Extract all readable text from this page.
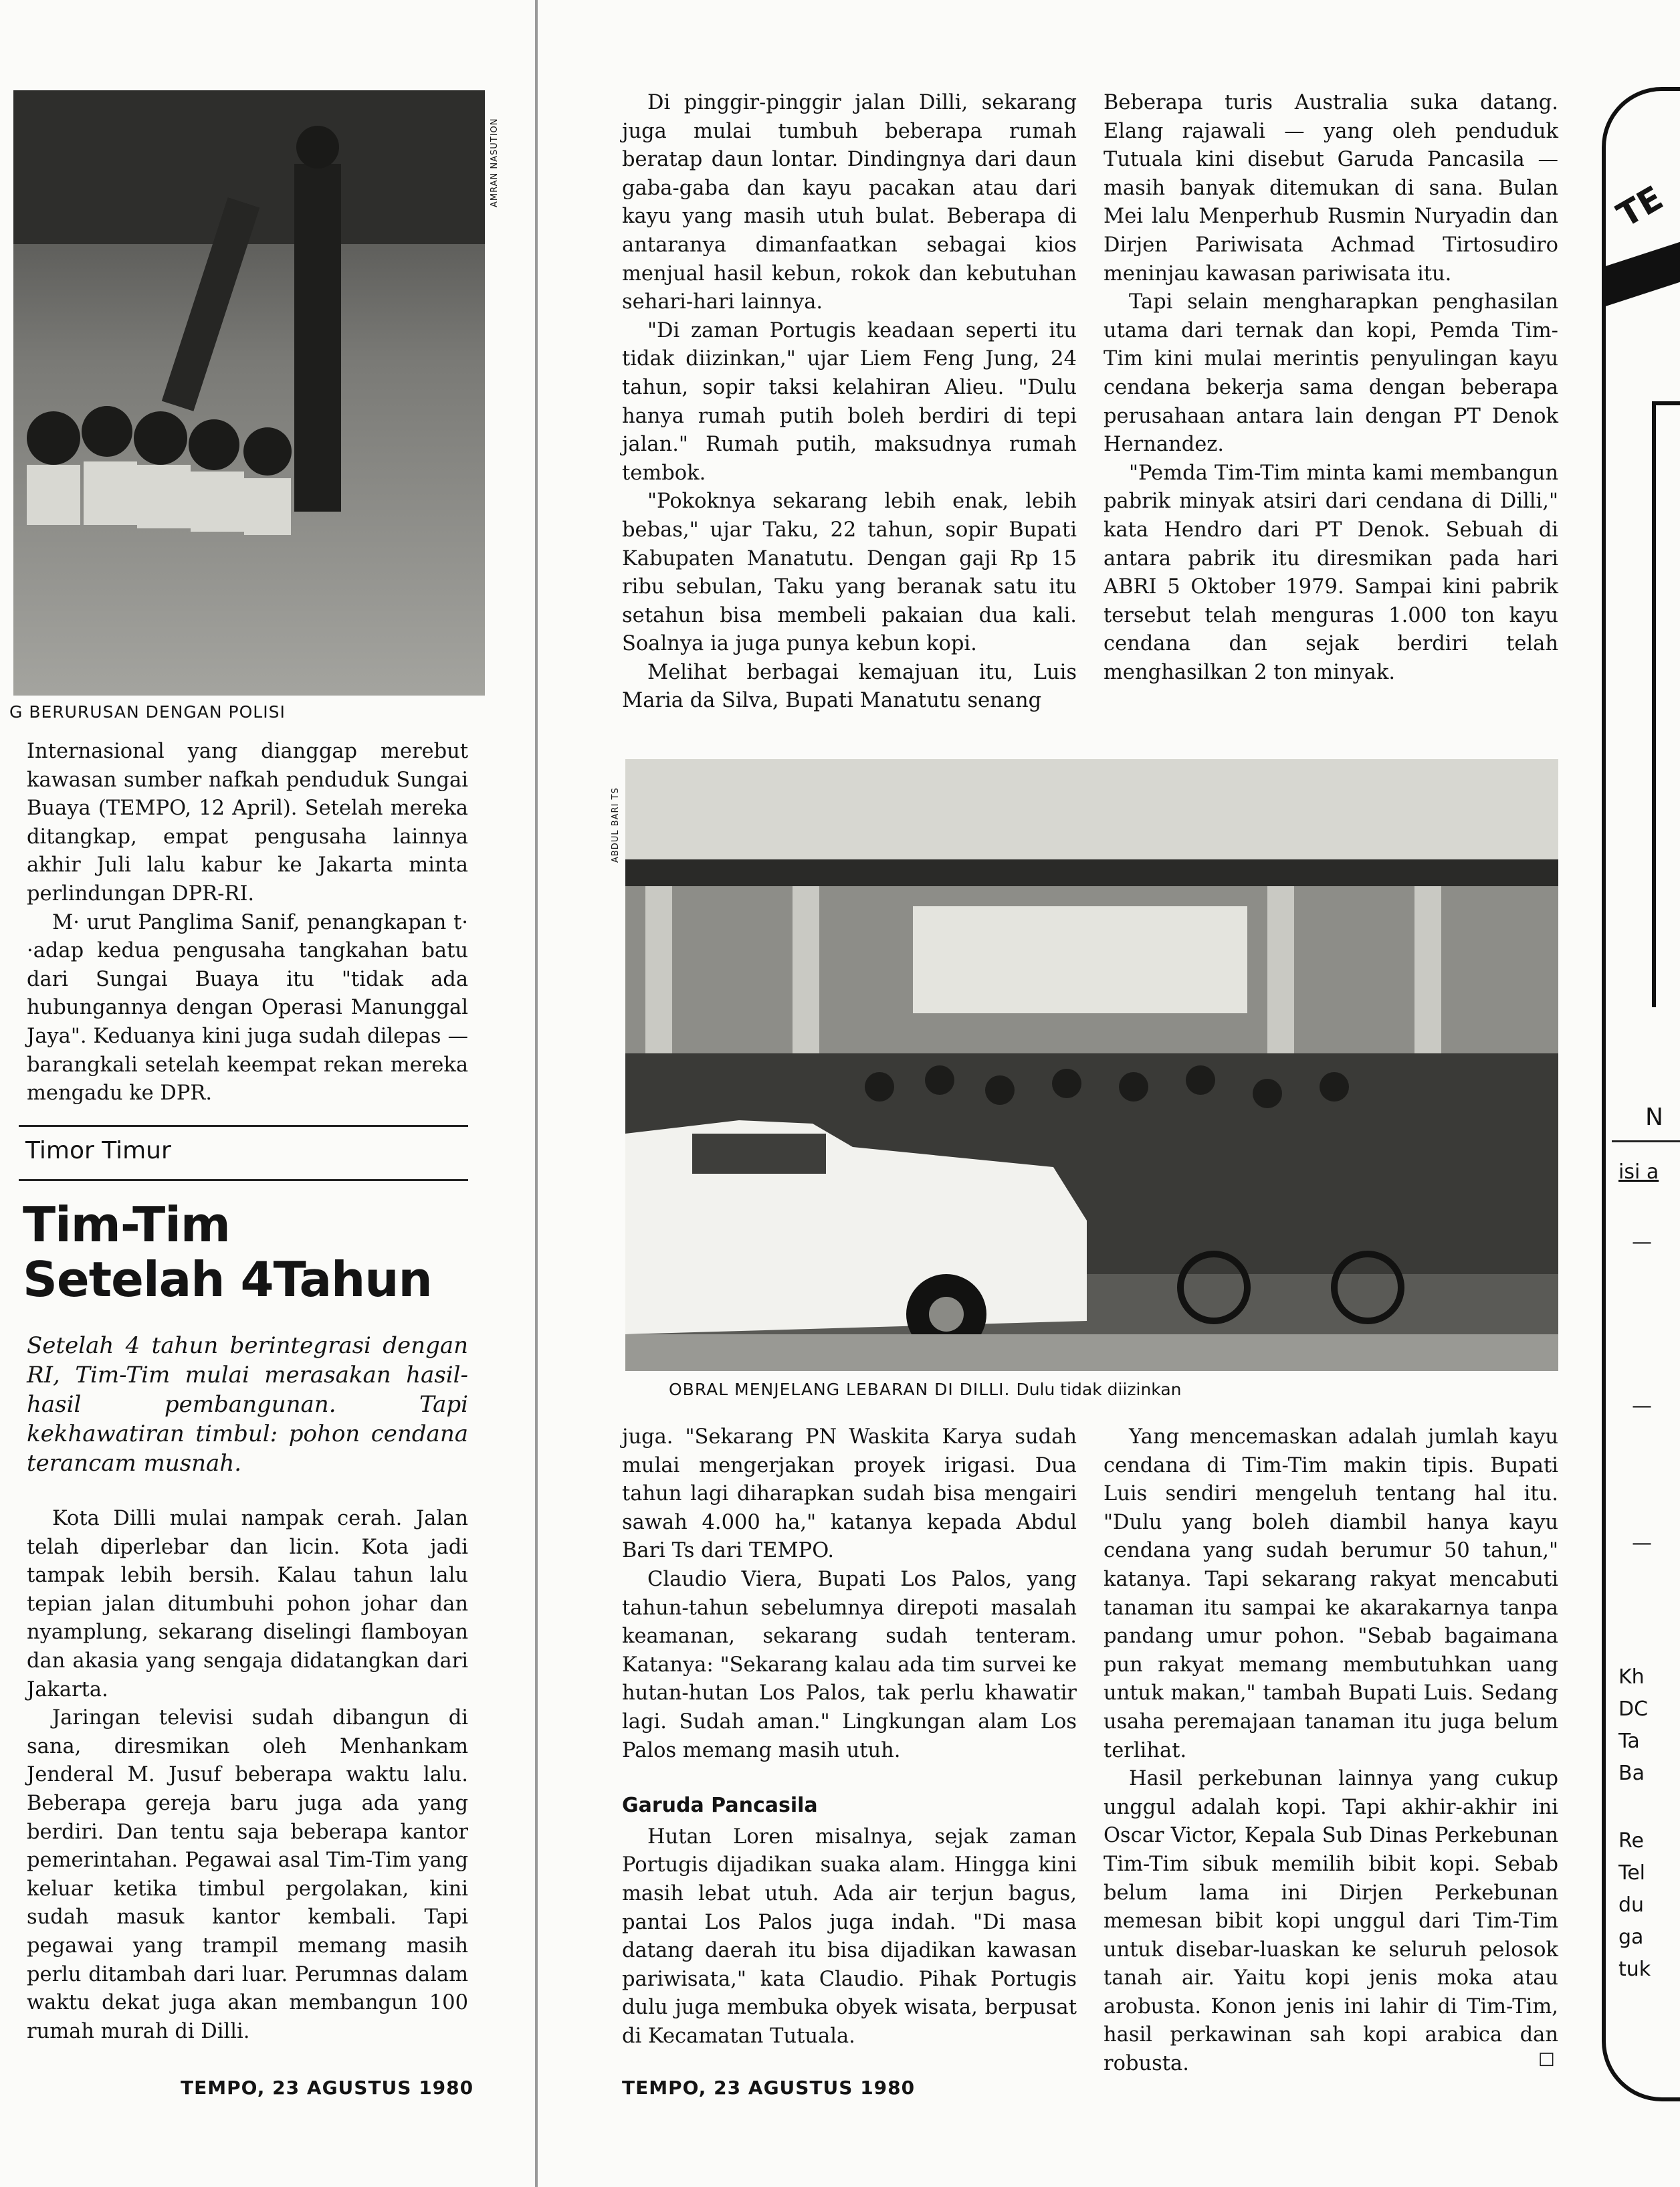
AMRAN NASUTION
G BERURUSAN DENGAN POLISI

Internasional yang dianggap merebut kawasan sumber nafkah penduduk Sungai Buaya (TEMPO, 12 April). Setelah mereka ditangkap, empat pengusaha lainnya akhir Juli lalu kabur ke Jakarta minta perlindungan DPR-RI.

M· urut Panglima Sanif, penangkapan t· ·adap kedua pengusaha tangkahan batu dari Sungai Buaya itu "tidak ada hubungannya dengan Operasi Manunggal Jaya". Keduanya kini juga sudah dilepas — barangkali setelah keempat rekan mereka mengadu ke DPR.

Timor Timur
Tim-Tim
Setelah 4Tahun
Setelah 4 tahun berintegrasi dengan RI, Tim-Tim mulai merasakan hasil-hasil pembangunan. Tapi kekhawatiran timbul: pohon cendana terancam musnah.

Kota Dilli mulai nampak cerah. Jalan telah diperlebar dan licin. Kota jadi tampak lebih bersih. Kalau tahun lalu tepian jalan ditumbuhi pohon johar dan nyamplung, sekarang diselingi flamboyan dan akasia yang sengaja didatangkan dari Jakarta.

Jaringan televisi sudah dibangun di sana, diresmikan oleh Menhankam Jenderal M. Jusuf beberapa waktu lalu. Beberapa gereja baru juga ada yang berdiri. Dan tentu saja beberapa kantor pemerintahan. Pegawai asal Tim-Tim yang keluar ketika timbul pergolakan, kini sudah masuk kantor kembali. Tapi pegawai yang trampil memang masih perlu ditambah dari luar. Perumnas dalam waktu dekat juga akan membangun 100 rumah murah di Dilli.

TEMPO, 23 AGUSTUS 1980

Di pinggir-pinggir jalan Dilli, sekarang juga mulai tumbuh beberapa rumah beratap daun lontar. Dindingnya dari daun gaba-gaba dan kayu pacakan atau dari kayu yang masih utuh bulat. Beberapa di antaranya dimanfaatkan sebagai kios menjual hasil kebun, rokok dan kebutuhan sehari-hari lainnya.

"Di zaman Portugis keadaan seperti itu tidak diizinkan," ujar Liem Feng Jung, 24 tahun, sopir taksi kelahiran Alieu. "Dulu hanya rumah putih boleh berdiri di tepi jalan." Rumah putih, maksudnya rumah tembok.

"Pokoknya sekarang lebih enak, lebih bebas," ujar Taku, 22 tahun, sopir Bupati Kabupaten Manatutu. Dengan gaji Rp 15 ribu sebulan, Taku yang beranak satu itu setahun bisa membeli pakaian dua kali. Soalnya ia juga punya kebun kopi.

Melihat berbagai kemajuan itu, Luis Maria da Silva, Bupati Manatutu senang

Beberapa turis Australia suka datang. Elang rajawali — yang oleh penduduk Tutuala kini disebut Garuda Pancasila — masih banyak ditemukan di sana. Bulan Mei lalu Menperhub Rusmin Nuryadin dan Dirjen Pariwisata Achmad Tirtosudiro meninjau kawasan pariwisata itu.

Tapi selain mengharapkan penghasilan utama dari ternak dan kopi, Pemda Tim-Tim kini mulai merintis penyulingan kayu cendana bekerja sama dengan beberapa perusahaan antara lain dengan PT Denok Hernandez.

"Pemda Tim-Tim minta kami membangun pabrik minyak atsiri dari cendana di Dilli," kata Hendro dari PT Denok. Sebuah di antara pabrik itu diresmikan pada hari ABRI 5 Oktober 1979. Sampai kini pabrik tersebut telah menguras 1.000 ton kayu cendana dan sejak berdiri telah menghasilkan 2 ton minyak.

ABDUL BARI TS
OBRAL MENJELANG LEBARAN DI DILLI. Dulu tidak diizinkan

juga. "Sekarang PN Waskita Karya sudah mulai mengerjakan proyek irigasi. Dua tahun lagi diharapkan sudah bisa mengairi sawah 4.000 ha," katanya kepada Abdul Bari Ts dari TEMPO.

Claudio Viera, Bupati Los Palos, yang tahun-tahun sebelumnya direpoti masalah keamanan, sekarang sudah tenteram. Katanya: "Sekarang kalau ada tim survei ke hutan-hutan Los Palos, tak perlu khawatir lagi. Sudah aman." Lingkungan alam Los Palos memang masih utuh.

Garuda Pancasila

Hutan Loren misalnya, sejak zaman Portugis dijadikan suaka alam. Hingga kini masih lebat utuh. Ada air terjun bagus, pantai Los Palos juga indah. "Di masa datang daerah itu bisa dijadikan kawasan pariwisata," kata Claudio. Pihak Portugis dulu juga membuka obyek wisata, berpusat di Kecamatan Tutuala.

TEMPO, 23 AGUSTUS 1980

Yang mencemaskan adalah jumlah kayu cendana di Tim-Tim makin tipis. Bupati Luis sendiri mengeluh tentang hal itu. "Dulu yang boleh diambil hanya kayu cendana yang sudah berumur 50 tahun," katanya. Tapi sekarang rakyat mencabuti tanaman itu sampai ke akarakarnya tanpa pandang umur pohon. "Sebab bagaimana pun rakyat memang membutuhkan uang untuk makan," tambah Bupati Luis. Sedang usaha peremajaan tanaman itu juga belum terlihat.

Hasil perkebunan lainnya yang cukup unggul adalah kopi. Tapi akhir-akhir ini Oscar Victor, Kepala Sub Dinas Perkebunan Tim-Tim sibuk memilih bibit kopi. Sebab belum lama ini Dirjen Perkebunan memesan bibit kopi unggul dari Tim-Tim untuk disebar-luaskan ke seluruh pelosok tanah air. Yaitu kopi jenis moka atau arobusta. Konon jenis ini lahir di Tim-Tim, hasil perkawinan sah kopi arabica dan robusta.	□
TE
N
isi a
—
—
—
Kh
DC
Ta
Ba
Re
Tel
du
ga
tuk
